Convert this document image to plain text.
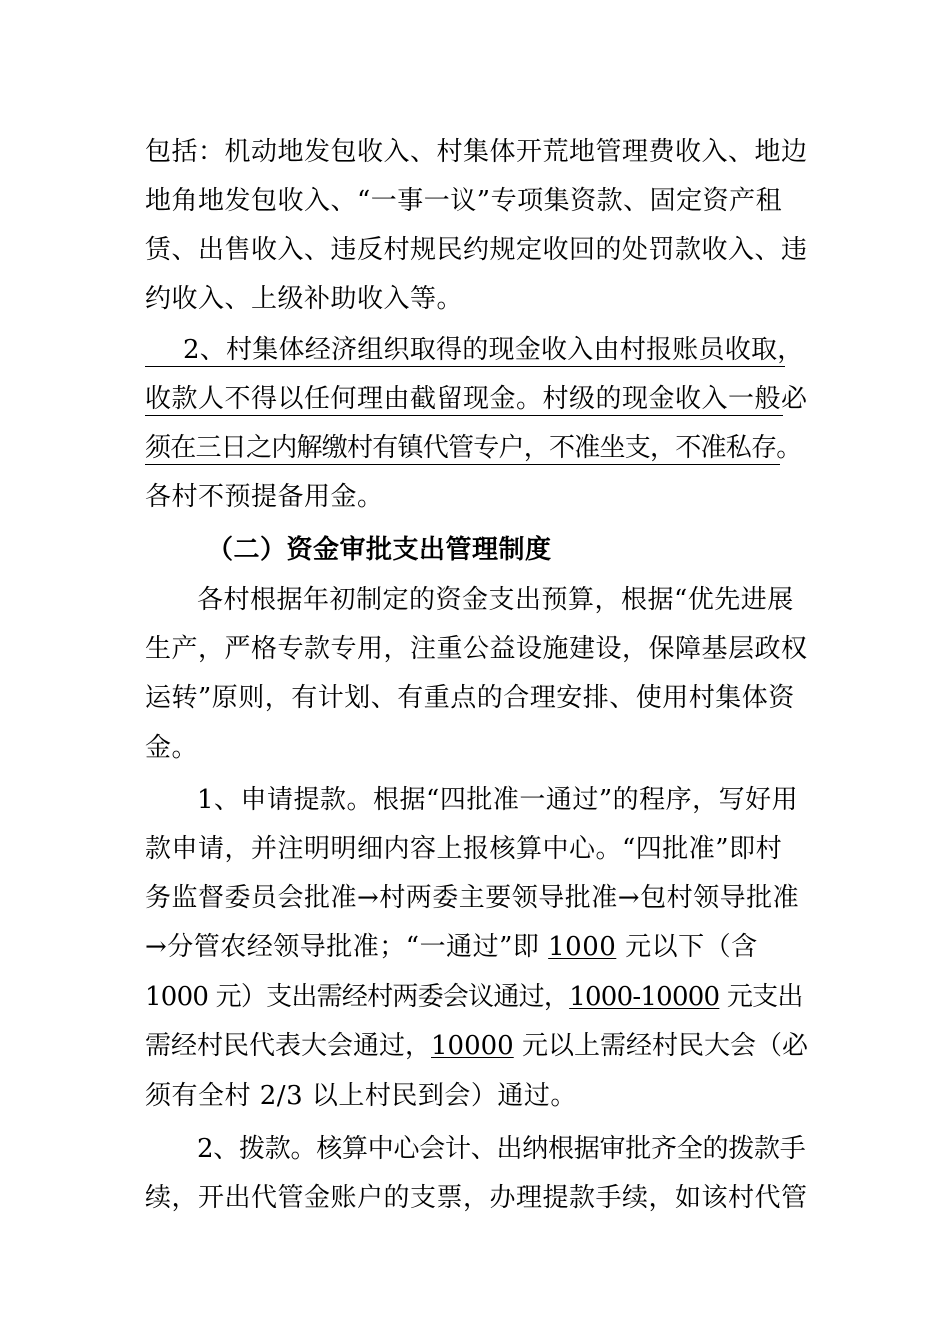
包括：机动地发包收入、村集体开荒地管理费收入、地边
地角地发包收入、“一事一议”专项集资款、固定资产租
赁、出售收入、违反村规民约规定收回的处罚款收入、违
约收入、上级补助收入等。
2、村集体经济组织取得的现金收入由村报账员收取，
收款人不得以任何理由截留现金。村级的现金收入一般必
须在三日之内解缴村有镇代管专户，不准坐支，不准私存。
各村不预提备用金。
（二）资金审批支出管理制度
各村根据年初制定的资金支出预算，根据“优先进展
生产，严格专款专用，注重公益设施建设，保障基层政权
运转”原则，有计划、有重点的合理安排、使用村集体资
金。
1、申请提款。根据“四批准一通过”的程序，写好用
款申请，并注明明细内容上报核算中心。“四批准”即村
务监督委员会批准→村两委主要领导批准→包村领导批准
→分管农经领导批准；“一通过”即 1000 元以下（含
1000 元）支出需经村两委会议通过，1000-10000 元支出
需经村民代表大会通过，10000 元以上需经村民大会（必
须有全村 2/3 以上村民到会）通过。
2、拨款。核算中心会计、出纳根据审批齐全的拨款手
续，开出代管金账户的支票，办理提款手续，如该村代管
